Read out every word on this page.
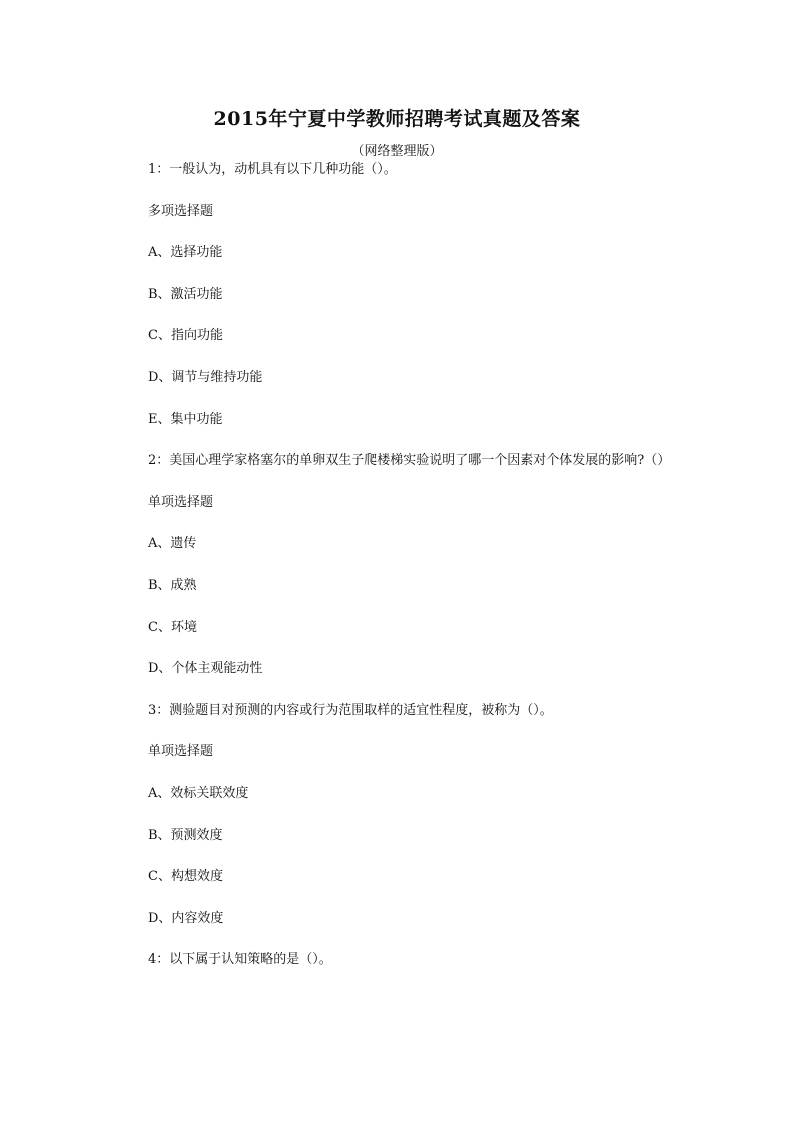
2015年宁夏中学教师招聘考试真题及答案

（网络整理版）

1：一般认为，动机具有以下几种功能（）。

多项选择题

A、选择功能

B、激活功能

C、指向功能

D、调节与维持功能

E、集中功能

2：美国心理学家格塞尔的单卵双生子爬楼梯实验说明了哪一个因素对个体发展的影响?（）

单项选择题

A、遗传

B、成熟

C、环境

D、个体主观能动性

3：测验题目对预测的内容或行为范围取样的适宜性程度，被称为（）。

单项选择题

A、效标关联效度

B、预测效度

C、构想效度

D、内容效度

4：以下属于认知策略的是（）。
